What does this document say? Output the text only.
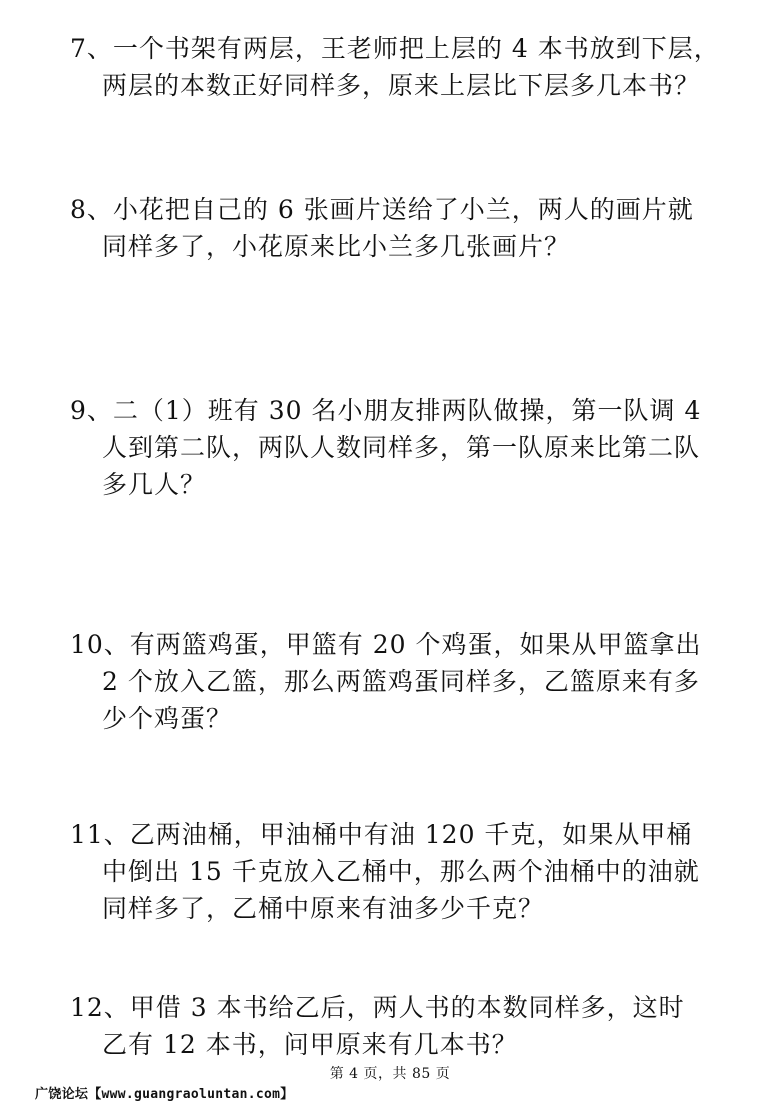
7、一个书架有两层，王老师把上层的 4 本书放到下层，
两层的本数正好同样多，原来上层比下层多几本书？
8、小花把自己的 6 张画片送给了小兰，两人的画片就
同样多了，小花原来比小兰多几张画片？
9、二（1）班有 30 名小朋友排两队做操，第一队调 4
人到第二队，两队人数同样多，第一队原来比第二队
多几人？
10、有两篮鸡蛋，甲篮有 20 个鸡蛋，如果从甲篮拿出
2 个放入乙篮，那么两篮鸡蛋同样多，乙篮原来有多
少个鸡蛋？
11、乙两油桶，甲油桶中有油 120 千克，如果从甲桶
中倒出 15 千克放入乙桶中，那么两个油桶中的油就
同样多了，乙桶中原来有油多少千克？
12、甲借 3 本书给乙后，两人书的本数同样多，这时
乙有 12 本书，问甲原来有几本书？
第 4 页，共 85 页
广饶论坛【www.guangraoluntan.com】
